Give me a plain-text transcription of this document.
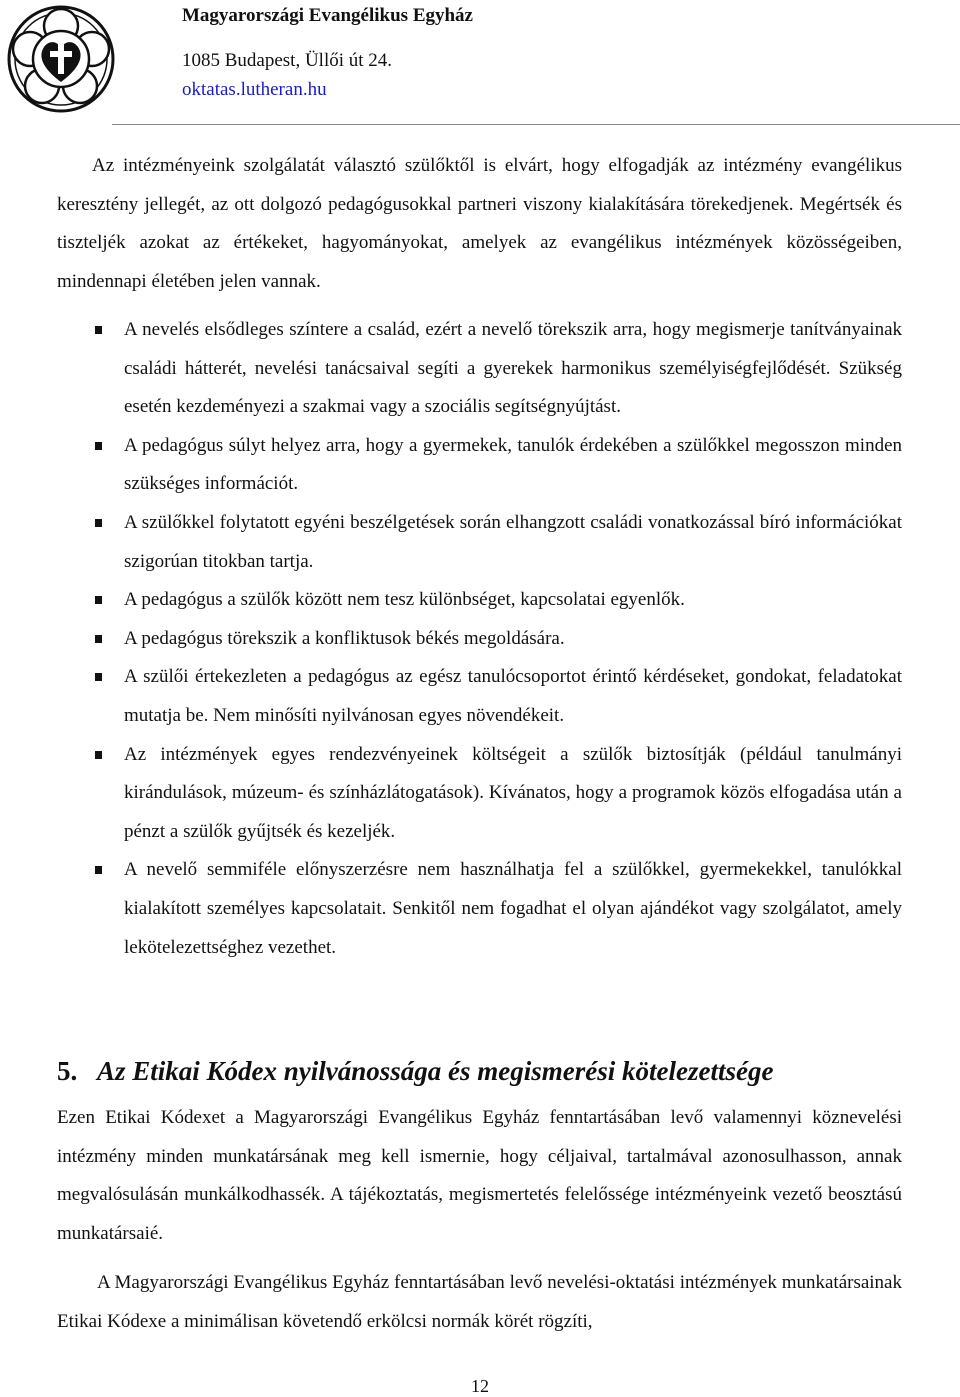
Magyarországi Evangélikus Egyház
1085 Budapest, Üllői út 24.
oktatas.lutheran.hu

Az intézményeink szolgálatát választó szülőktől is elvárt, hogy elfogadják az intézmény evangélikus keresztény jellegét, az ott dolgozó pedagógusokkal partneri viszony kialakítására törekedjenek. Megértsék és tiszteljék azokat az értékeket, hagyományokat, amelyek az evangélikus intézmények közösségeiben, mindennapi életében jelen vannak.

A nevelés elsődleges színtere a család, ezért a nevelő törekszik arra, hogy megismerje tanítványainak családi hátterét, nevelési tanácsaival segíti a gyerekek harmonikus személyiségfejlődését. Szükség esetén kezdeményezi a szakmai vagy a szociális segítségnyújtást.
A pedagógus súlyt helyez arra, hogy a gyermekek, tanulók érdekében a szülőkkel megosszon minden szükséges információt.
A szülőkkel folytatott egyéni beszélgetések során elhangzott családi vonatkozással bíró információkat szigorúan titokban tartja.
A pedagógus a szülők között nem tesz különbséget, kapcsolatai egyenlők.
A pedagógus törekszik a konfliktusok békés megoldására.
A szülői értekezleten a pedagógus az egész tanulócsoportot érintő kérdéseket, gondokat, feladatokat mutatja be. Nem minősíti nyilvánosan egyes növendékeit.
Az intézmények egyes rendezvényeinek költségeit a szülők biztosítják (például tanulmányi kirándulások, múzeum- és színházlátogatások). Kívánatos, hogy a programok közös elfogadása után a pénzt a szülők gyűjtsék és kezeljék.
A nevelő semmiféle előnyszerzésre nem használhatja fel a szülőkkel, gyermekekkel, tanulókkal kialakított személyes kapcsolatait. Senkitől nem fogadhat el olyan ajándékot vagy szolgálatot, amely lekötelezettséghez vezethet.
5. Az Etikai Kódex nyilvánossága és megismerési kötelezettsége

Ezen Etikai Kódexet a Magyarországi Evangélikus Egyház fenntartásában levő valamennyi köznevelési intézmény minden munkatársának meg kell ismernie, hogy céljaival, tartalmával azonosulhasson, annak megvalósulásán munkálkodhassék. A tájékoztatás, megismertetés felelőssége intézményeink vezető beosztású munkatársaié.

A Magyarországi Evangélikus Egyház fenntartásában levő nevelési-oktatási intézmények munkatársainak Etikai Kódexe a minimálisan követendő erkölcsi normák körét rögzíti,

12
